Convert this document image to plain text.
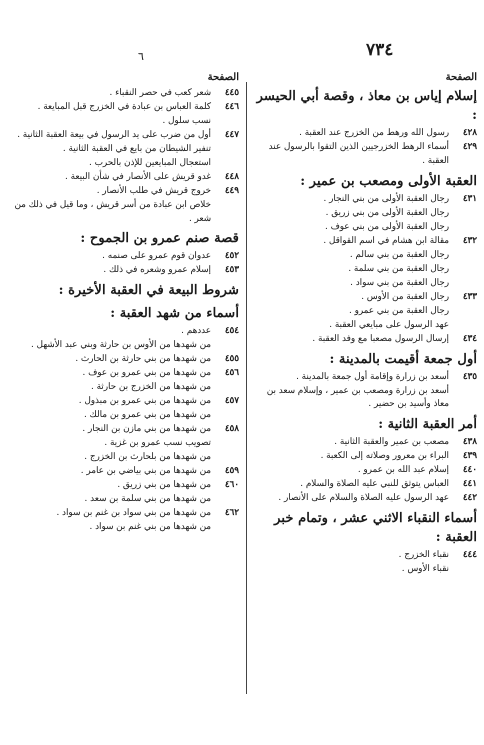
٦	٧٣٤
الصفحة
إسلام إياس بن معاذ ، وقصة أبي الحيسر :
٤٢٨
رسول الله ورهط من الخزرج عند العقبة .
٤٢٩
أسماء الرهط الخزرجيين الذين التقوا بالرسول عند العقبة .
العقبة الأولى ومصعب بن عمير :
٤٣١
رجال العقبة الأولى من بني النجار .
رجال العقبة الأولى من بني زريق .
رجال العقبة الأولى من بني عوف .
٤٣٢
مقالة ابن هشام في اسم القواقل .
رجال العقبة من بني سالم .
رجال العقبة من بني سلمة .
رجال العقبة من بني سواد .
٤٣٣
رجال العقبة من الأوس .
رجال العقبة من بني عمرو .
عهد الرسول على مبايعي العقبة .
٤٣٤
إرسال الرسول مصعبا مع وفد العقبة .
أول جمعة أقيمت بالمدينة :
٤٣٥
أسعد بن زرارة وإقامة أول جمعة بالمدينة .
أسعد بن زرارة ومصعب بن عمير ، وإسلام سعد بن معاذ وأسيد بن حضير .
أمر العقبة الثانية :
٤٣٨
مصعب بن عمير والعقبة الثانية .
٤٣٩
البراء بن معرور وصلاته إلى الكعبة .
٤٤٠
إسلام عبد الله بن عمرو .
٤٤١
العباس يتوثق للنبي عليه الصلاة والسلام .
٤٤٢
عهد الرسول عليه الصلاة والسلام على الأنصار .
أسماء النقباء الاثني عشر ، وتمام خبر العقبة :
٤٤٤
نقباء الخزرج .
نقباء الأوس .
الصفحة
٤٤٥
شعر كعب في حصر النقباء .
٤٤٦
كلمة العباس بن عبادة في الخزرج قبل المبايعة .
نسب سلول .
٤٤٧
أول من ضرب على يد الرسول في بيعة العقبة الثانية .
تنفير الشيطان من بايع في العقبة الثانية .
استعجال المبايعين للإذن بالحرب .
٤٤٨
غدو قريش على الأنصار في شأن البيعة .
٤٤٩
خروج قريش في طلب الأنصار .
خلاص ابن عبادة من أسر قريش ، وما قيل في ذلك من شعر .
قصة صنم عمرو بن الجموح :
٤٥٢
عدوان قوم عمرو على صنمه .
٤٥٣
إسلام عمرو وشعره في ذلك .
شروط البيعة في العقبة الأخيرة :
أسماء من شهد العقبة :
٤٥٤
عددهم .
من شهدها من الأوس بن حارثة وبني عبد الأشهل .
٤٥٥
من شهدها من بني حارثة بن الحارث .
٤٥٦
من شهدها من بني عمرو بن عوف .
من شهدها من الخزرج بن حارثة .
٤٥٧
من شهدها من بني عمرو بن مبذول .
من شهدها من بني عمرو بن مالك .
٤٥٨
من شهدها من بني مازن بن النجار .
تصويب نسب عمرو بن غزية .
من شهدها من بلحارث بن الخزرج .
٤٥٩
من شهدها من بني بياضي بن عامر .
٤٦٠
من شهدها من بني زريق .
من شهدها من بني سلمة بن سعد .
٤٦٢
من شهدها من بني سواد بن غنم بن سواد .
من شهدها من بني غنم بن سواد .
